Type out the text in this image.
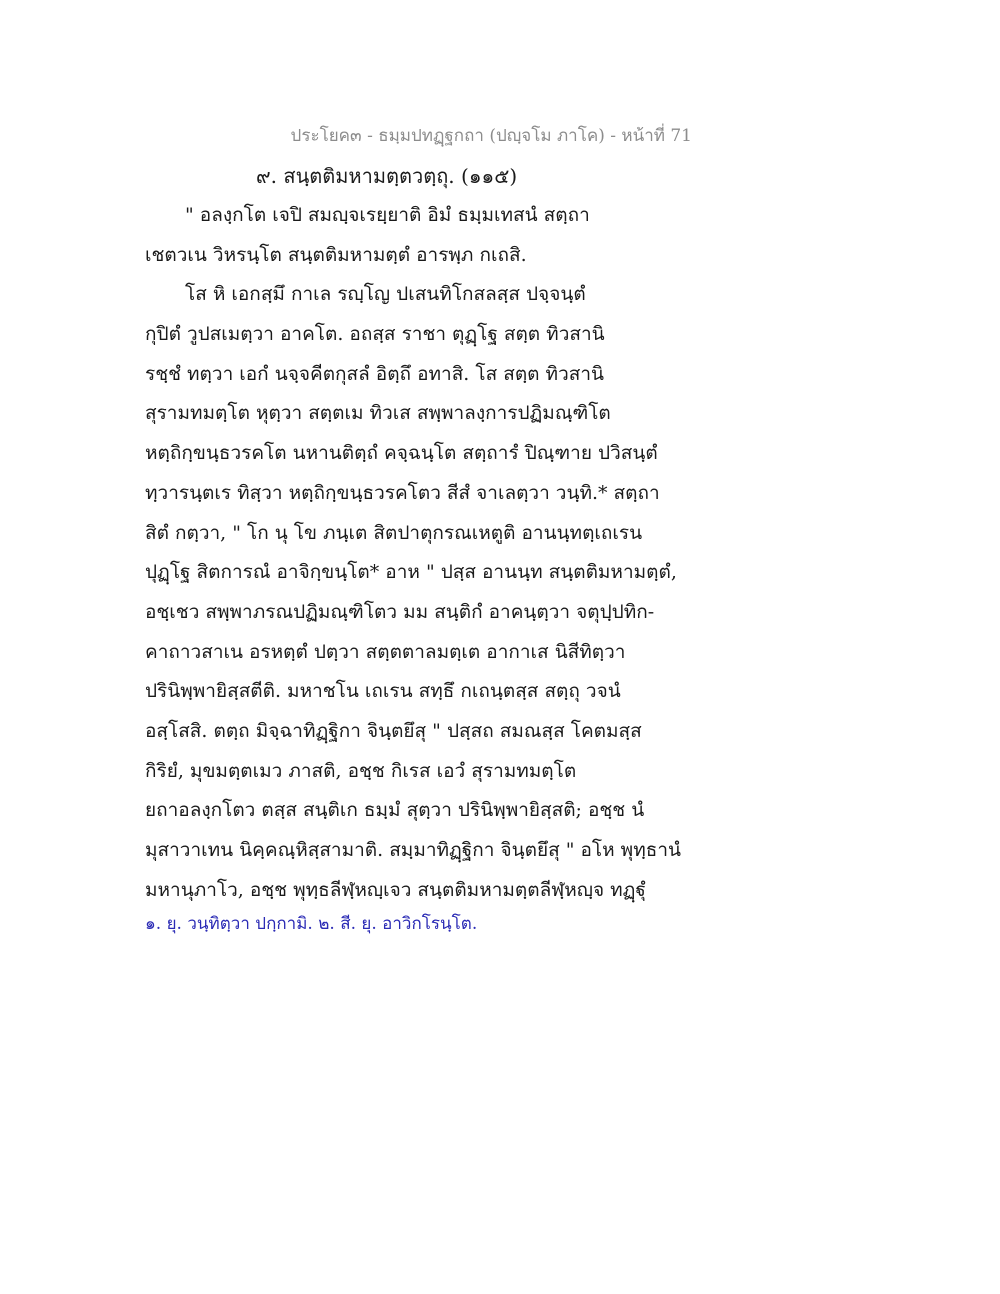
ประโยค๓ - ธมฺมปทฏฺฐกถา (ปญฺจโม ภาโค) - หน้าที่ 71
๙. สนฺตติมหามตฺตวตฺถุ. (๑๑๕)
" อลงฺกโต เจปิ สมญฺจเรยฺยาติ อิมํ ธมฺมเทสนํ สตฺถา
เชตวเน วิหรนฺโต สนฺตติมหามตฺตํ อารพฺภ กเถสิ.
โส หิ เอกสฺมึ กาเล รญฺโญ ปเสนทิโกสลสฺส ปจฺจนฺตํ
กุปิตํ วูปสเมตฺวา อาคโต. อถสฺส ราชา ตุฏฺโฐ สตฺต ทิวสานิ
รชฺชํ ทตฺวา เอกํ นจฺจคีตกุสลํ อิตฺถึ อทาสิ. โส สตฺต ทิวสานิ
สุรามทมตฺโต หุตฺวา สตฺตเม ทิวเส สพฺพาลงฺการปฏิมณฺฑิโต
หตฺถิกฺขนฺธวรคโต นหานติตฺถํ คจฺฉนฺโต สตฺถารํ ปิณฺฑาย ปวิสนฺตํ
ทฺวารนฺตเร ทิสฺวา หตฺถิกฺขนฺธวรคโตว สีสํ จาเลตฺวา วนฺทิ.* สตฺถา
สิตํ กตฺวา, " โก นุ โข ภนฺเต สิตปาตุกรณเหตูติ อานนฺทตฺเถเรน
ปุฏฺโฐ สิตการณํ อาจิกฺขนฺโต* อาห " ปสฺส อานนฺท สนฺตติมหามตฺตํ,
อชฺเชว สพฺพาภรณปฏิมณฺฑิโตว มม สนฺติกํ อาคนฺตฺวา จตุปฺปทิก-
คาถาวสาเน อรหตฺตํ ปตฺวา สตฺตตาลมตฺเต อากาเส นิสีทิตฺวา
ปรินิพฺพายิสฺสตีติ. มหาชโน เถเรน สทฺธึ กเถนฺตสฺส สตฺถุ วจนํ
อสฺโสสิ. ตตฺถ มิจฺฉาทิฏฺฐิกา จินฺตยึสุ " ปสฺสถ สมณสฺส โคตมสฺส
กิริยํ, มุขมตฺตเมว ภาสติ, อชฺช กิเรส เอวํ สุรามทมตฺโต
ยถาอลงฺกโตว ตสฺส สนฺติเก ธมฺมํ สุตฺวา ปรินิพฺพายิสฺสติ; อชฺช นํ
มุสาวาเทน นิคฺคณฺหิสฺสามาติ. สมฺมาทิฏฺฐิกา จินฺตยึสุ " อโห พุทฺธานํ
มหานุภาโว, อชฺช พุทฺธลีฬฺหญฺเจว สนฺตติมหามตฺตลีฬฺหญฺจ ทฏฺฐุํ
๑. ยุ. วนฺทิตฺวา ปกฺกามิ. ๒. สี. ยุ. อาวิกโรนฺโต.
